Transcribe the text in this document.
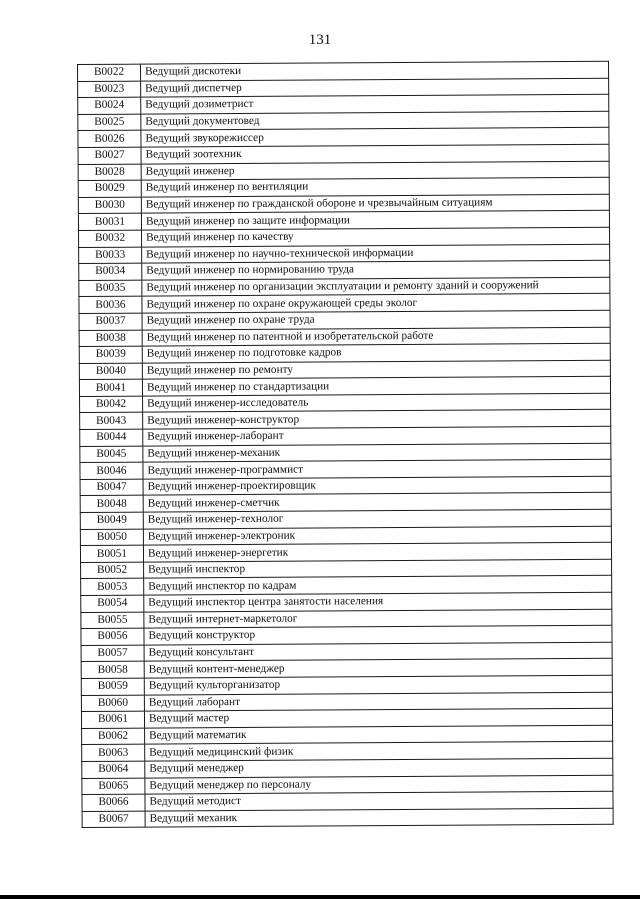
131
В0022	Ведущий дискотеки
В0023	Ведущий диспетчер
В0024	Ведущий дозиметрист
В0025	Ведущий документовед
В0026	Ведущий звукорежиссер
В0027	Ведущий зоотехник
В0028	Ведущий инженер
В0029	Ведущий инженер по вентиляции
В0030	Ведущий инженер по гражданской обороне и чрезвычайным ситуациям
В0031	Ведущий инженер по защите информации
В0032	Ведущий инженер по качеству
В0033	Ведущий инженер по научно-технической информации
В0034	Ведущий инженер по нормированию труда
В0035	Ведущий инженер по организации эксплуатации и ремонту зданий и сооружений
В0036	Ведущий инженер по охране окружающей среды эколог
В0037	Ведущий инженер по охране труда
В0038	Ведущий инженер по патентной и изобретательской работе
В0039	Ведущий инженер по подготовке кадров
В0040	Ведущий инженер по ремонту
В0041	Ведущий инженер по стандартизации
В0042	Ведущий инженер-исследователь
В0043	Ведущий инженер-конструктор
В0044	Ведущий инженер-лаборант
В0045	Ведущий инженер-механик
В0046	Ведущий инженер-программист
В0047	Ведущий инженер-проектировщик
В0048	Ведущий инженер-сметчик
В0049	Ведущий инженер-технолог
В0050	Ведущий инженер-электроник
В0051	Ведущий инженер-энергетик
В0052	Ведущий инспектор
В0053	Ведущий инспектор по кадрам
В0054	Ведущий инспектор центра занятости населения
В0055	Ведущий интернет-маркетолог
В0056	Ведущий конструктор
В0057	Ведущий консультант
В0058	Ведущий контент-менеджер
В0059	Ведущий культорганизатор
В0060	Ведущий лаборант
В0061	Ведущий мастер
В0062	Ведущий математик
В0063	Ведущий медицинский физик
В0064	Ведущий менеджер
В0065	Ведущий менеджер по персоналу
В0066	Ведущий методист
В0067	Ведущий механик
